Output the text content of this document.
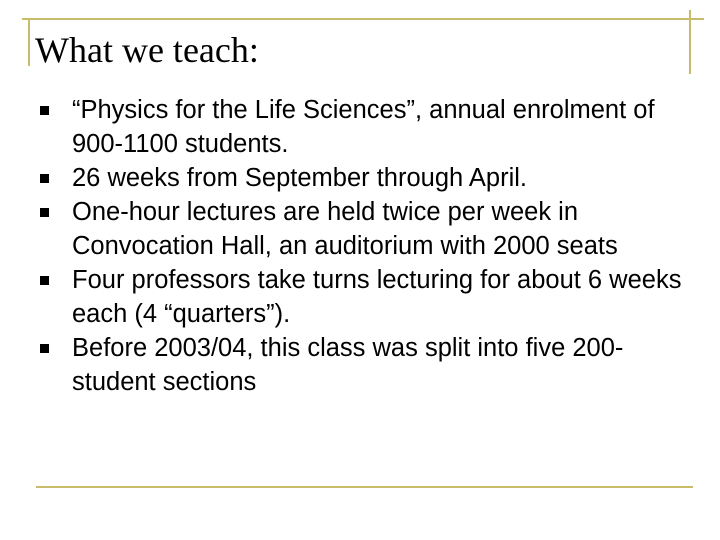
What we teach:
“Physics for the Life Sciences”, annual enrolment of 900-1100 students.
26 weeks from September through April.
One-hour lectures are held twice per week in Convocation Hall, an auditorium with 2000 seats
Four professors take turns lecturing for about 6 weeks each (4 “quarters”).
Before 2003/04, this class was split into five 200-student sections
